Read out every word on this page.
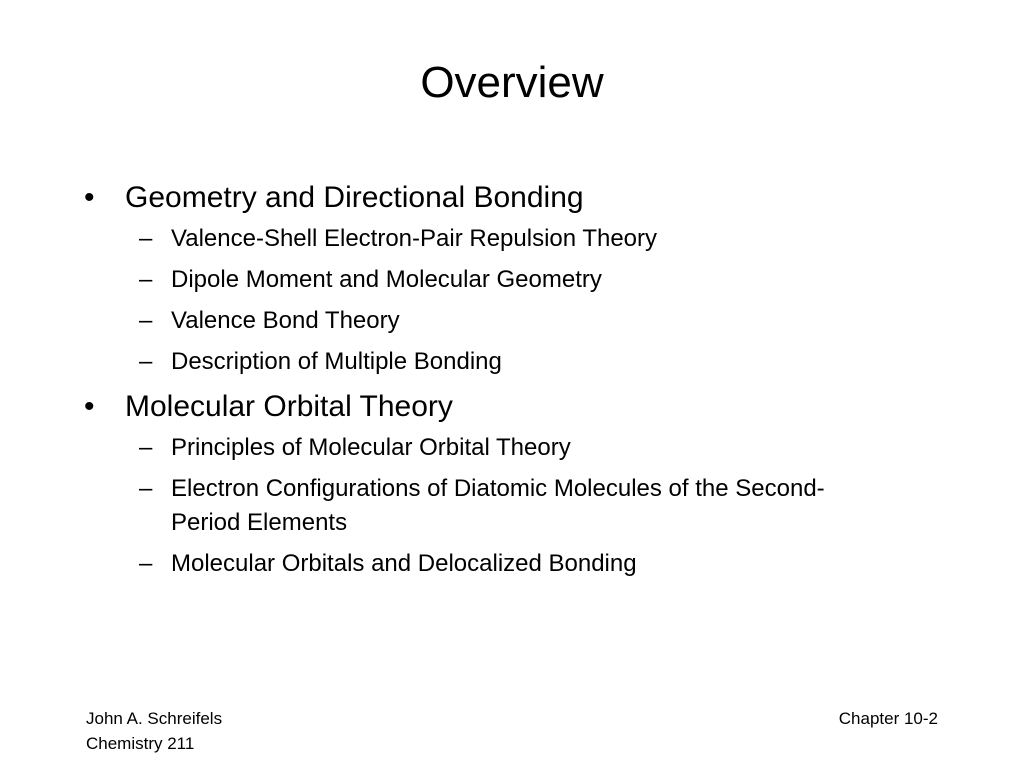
Overview
• Geometry and Directional Bonding
– Valence-Shell Electron-Pair Repulsion Theory
– Dipole Moment and Molecular Geometry
– Valence Bond Theory
– Description of Multiple Bonding
• Molecular Orbital Theory
– Principles of Molecular Orbital Theory
– Electron Configurations of Diatomic Molecules of the Second-Period Elements
– Molecular Orbitals and Delocalized Bonding
John A. Schreifels
Chemistry 211
Chapter 10-2
